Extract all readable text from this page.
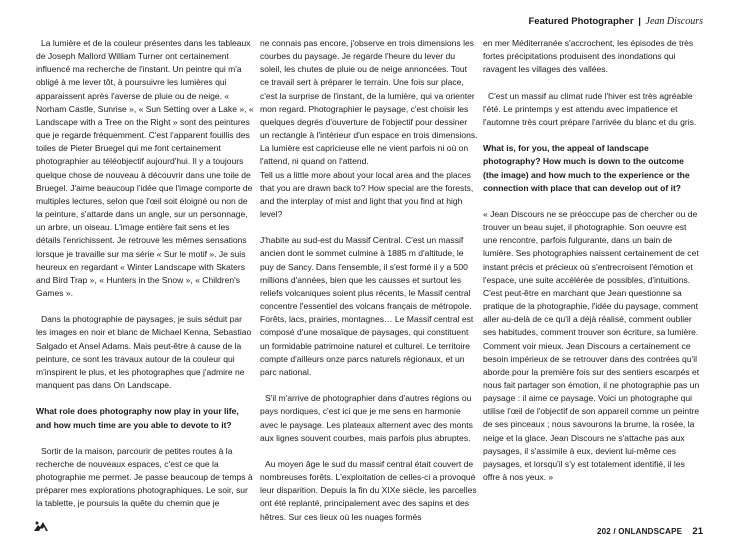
Featured Photographer | Jean Discours

La lumière et de la couleur présentes dans les tableaux de Joseph Mallord William Turner ont certainement influencé ma recherche de l'instant. Un peintre qui m'a obligé à me lever tôt, à poursuivre les lumières qui apparaissent après l'averse de pluie ou de neige. « Norham Castle, Sunrise », « Sun Setting over a Lake », « Landscape with a Tree on the Right » sont des peintures que je regarde fréquemment. C'est l'apparent fouillis des toiles de Pieter Bruegel qui me font certainement photographier au téléobjectif aujourd'hui. Il y a toujours quelque chose de nouveau à découvrir dans une toile de Bruegel. J'aime beaucoup l'idée que l'image comporte de multiples lectures, selon que l'œil soit éloigné ou non de la peinture, s'attarde dans un angle, sur un personnage, un arbre, un oiseau. L'image entière fait sens et les détails l'enrichissent. Je retrouve les mêmes sensations lorsque je travaille sur ma série « Sur le motif ». Je suis heureux en regardant « Winter Landscape with Skaters and Bird Trap », « Hunters in the Snow », « Children's Games ».

Dans la photographie de paysages, je suis séduit par les images en noir et blanc de Michael Kenna, Sebastiao Salgado et Ansel Adams. Mais peut-être à cause de la peinture, ce sont les travaux autour de la couleur qui m'inspirent le plus, et les photographes que j'admire ne manquent pas dans On Landscape.

What role does photography now play in your life, and how much time are you able to devote to it?

Sortir de la maison, parcourir de petites routes à la recherche de nouveaux espaces, c'est ce que la photographie me permet. Je passe beaucoup de temps à préparer mes explorations photographiques. Le soir, sur la tablette, je poursuis la quête du chemin que je

ne connais pas encore, j'observe en trois dimensions les courbes du paysage. Je regarde l'heure du lever du soleil, les chutes de pluie ou de neige annoncées. Tout ce travail sert à préparer le terrain. Une fois sur place, c'est la surprise de l'instant, de la lumière, qui va orienter mon regard. Photographier le paysage, c'est choisir les quelques degrés d'ouverture de l'objectif pour dessiner un rectangle à l'intérieur d'un espace en trois dimensions. La lumière est capricieuse elle ne vient parfois ni où on l'attend, ni quand on l'attend.

Tell us a little more about your local area and the places that you are drawn back to? How special are the forests, and the interplay of mist and light that you find at high level?

J'habite au sud-est du Massif Central. C'est un massif ancien dont le sommet culmine à 1885 m d'altitude, le puy de Sancy. Dans l'ensemble, il s'est formé il y a 500 millions d'années, bien que les causses et surtout les reliefs volcaniques soient plus récents, le Massif central concentre l'essentiel des volcans français de métropole. Forêts, lacs, prairies, montagnes… Le Massif central est composé d'une mosaïque de paysages, qui constituent un formidable patrimoine naturel et culturel. Le territoire compte d'ailleurs onze parcs naturels régionaux, et un parc national.

S'il m'arrive de photographier dans d'autres régions ou pays nordiques, c'est ici que je me sens en harmonie avec le paysage. Les plateaux alternent avec des monts aux lignes souvent courbes, mais parfois plus abruptes.

Au moyen âge le sud du massif central était couvert de nombreuses forêts. L'exploitation de celles-ci a provoqué leur disparition. Depuis la fin du XIXe siècle, les parcelles ont été replanté, principalement avec des sapins et des hêtres. Sur ces lieux où les nuages formés

en mer Méditerranée s'accrochent, les épisodes de très fortes précipitations produisent des inondations qui ravagent les villages des vallées.

C'est un massif au climat rude l'hiver est très agréable l'été. Le printemps y est attendu avec impatience et l'automne très court prépare l'arrivée du blanc et du gris.

What is, for you, the appeal of landscape photography? How much is down to the outcome (the image) and how much to the experience or the connection with place that can develop out of it?

« Jean Discours ne se préoccupe pas de chercher ou de trouver un beau sujet, il photographie. Son oeuvre est une rencontre, parfois fulgurante, dans un bain de lumière. Ses photographies naissent certainement de cet instant précis et précieux où s'entrecroisent l'émotion et l'espace, une suite accélérée de possibles, d'intuitions. C'est peut-être en marchant que Jean questionne sa pratique de la photographie, l'idée du paysage, comment aller au-delà de ce qu'il a déjà réalisé, comment oublier ses habitudes, comment trouver son écriture, sa lumière. Comment voir mieux. Jean Discours a certainement ce besoin impérieux de se retrouver dans des contrées qu'il aborde pour la première fois sur des sentiers escarpés et nous fait partager son émotion, il ne photographie pas un paysage : il aime ce paysage. Voici un photographe qui utilise l'œil de l'objectif de son appareil comme un peintre de ses pinceaux ; nous savourons la brume, la rosée, la neige et la glace. Jean Discours ne s'attache pas aux paysages, il s'assimile à eux, devient lui-même ces paysages, et lorsqu'il s'y est totalement identifié, il les offre à nos yeux. »

202 / ONLANDSCAPE 21
